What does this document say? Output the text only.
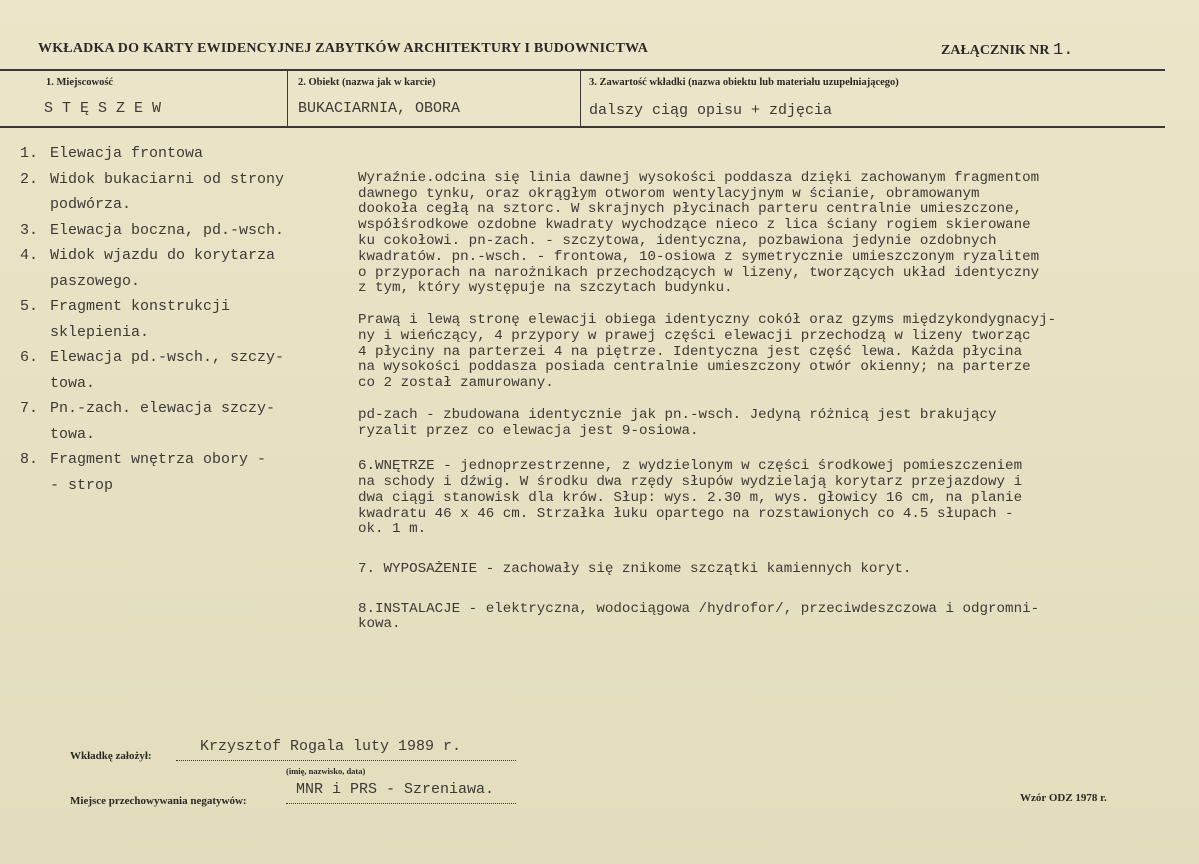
WKŁADKA DO KARTY EWIDENCYJNEJ ZABYTKÓW ARCHITEKTURY I BUDOWNICTWA	ZAŁĄCZNIK NR 1.
1. Miejscowość
STĘSZEW
2. Obiekt (nazwa jak w karcie)
BUKACIARNIA, OBORA
3. Zawartość wkładki (nazwa obiektu lub materiału uzupełniającego)
dalszy ciąg opisu + zdjęcia
1. Elewacja frontowa
2. Widok bukaciarni od strony
podwórza.
3. Elewacja boczna, pd.-wsch.
4. Widok wjazdu do korytarza
paszowego.
5. Fragment konstrukcji
sklepienia.
6. Elewacja pd.-wsch., szczy-
towa.
7. Pn.-zach. elewacja szczy-
towa.
8. Fragment wnętrza obory -
- strop

Wyraźnie.odcina się linia dawnej wysokości poddasza dzięki zachowanym fragmentom
dawnego tynku, oraz okrągłym otworom wentylacyjnym w ścianie, obramowanym
dookoła cegłą na sztorc. W skrajnych płycinach parteru centralnie umieszczone,
współśrodkowe ozdobne kwadraty wychodzące nieco z lica ściany rogiem skierowane
ku cokołowi. pn-zach. - szczytowa, identyczna, pozbawiona jedynie ozdobnych
kwadratów. pn.-wsch. - frontowa, 10-osiowa z symetrycznie umieszczonym ryzalitem
o przyporach na narożnikach przechodzących w lizeny, tworzących układ identyczny
z tym, który występuje na szczytach budynku.

Prawą i lewą stronę elewacji obiega identyczny cokół oraz gzyms międzykondygnacyj-
ny i wieńczący, 4 przypory w prawej części elewacji przechodzą w lizeny tworząc
4 płyciny na parterzei 4 na piętrze. Identyczna jest część lewa. Każda płycina
na wysokości poddasza posiada centralnie umieszczony otwór okienny; na parterze
co 2 został zamurowany.

pd-zach - zbudowana identycznie jak pn.-wsch. Jedyną różnicą jest brakujący
ryzalit przez co elewacja jest 9-osiowa.

6.WNĘTRZE - jednoprzestrzenne, z wydzielonym w części środkowej pomieszczeniem
na schody i dźwig. W środku dwa rzędy słupów wydzielają korytarz przejazdowy i
dwa ciągi stanowisk dla krów. Słup: wys. 2.30 m, wys. głowicy 16 cm, na planie
kwadratu 46 x 46 cm. Strzałka łuku opartego na rozstawionych co 4.5 słupach -
ok. 1 m.

7. WYPOSAŻENIE - zachowały się znikome szczątki kamiennych koryt.

8.INSTALACJE - elektryczna, wodociągowa /hydrofor/, przeciwdeszczowa i odgromni-
kowa.

Wkładkę założył:
Krzysztof Rogala luty 1989 r.
(imię, nazwisko, data)
Miejsce przechowywania negatywów:
MNR i PRS - Szreniawa.	Wzór ODZ 1978 r.
